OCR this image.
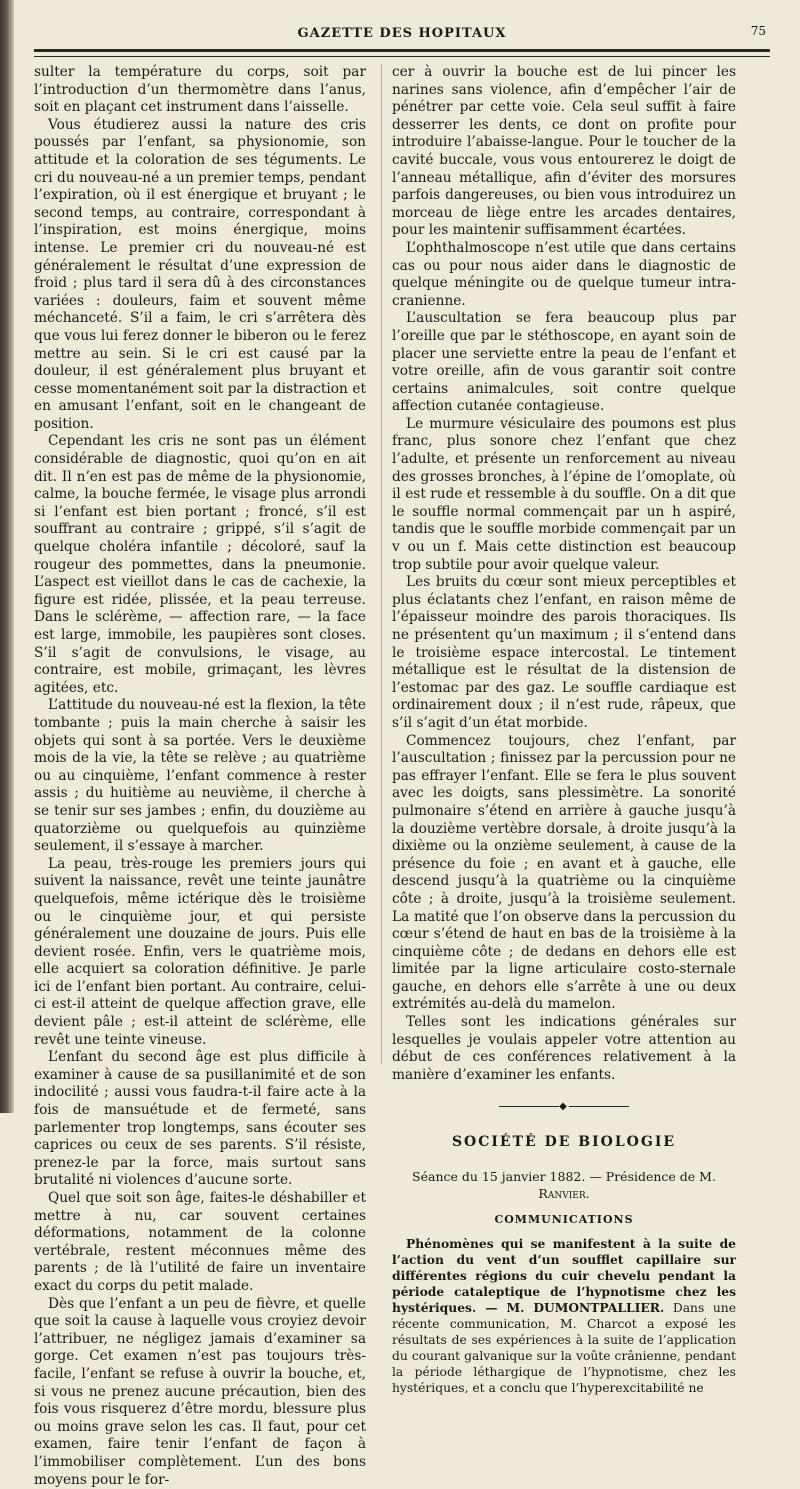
GAZETTE DES HOPITAUX	75

sulter la température du corps, soit par l’introduction d’un thermomètre dans l’anus, soit en plaçant cet instrument dans l’aisselle.

Vous étudierez aussi la nature des cris poussés par l’enfant, sa physionomie, son attitude et la coloration de ses téguments. Le cri du nouveau-né a un premier temps, pendant l’expiration, où il est énergique et bruyant ; le second temps, au contraire, correspondant à l’inspiration, est moins énergique, moins intense. Le premier cri du nouveau-né est généralement le résultat d’une expression de froid ; plus tard il sera dû à des circonstances variées : douleurs, faim et souvent même méchanceté. S’il a faim, le cri s’arrêtera dès que vous lui ferez donner le biberon ou le ferez mettre au sein. Si le cri est causé par la douleur, il est généralement plus bruyant et cesse momentanément soit par la distraction et en amusant l’enfant, soit en le changeant de position.

Cependant les cris ne sont pas un élément considérable de diagnostic, quoi qu’on en ait dit. Il n’en est pas de même de la physionomie, calme, la bouche fermée, le visage plus arrondi si l’enfant est bien portant ; froncé, s’il est souffrant au contraire ; grippé, s’il s’agit de quelque choléra infantile ; décoloré, sauf la rougeur des pommettes, dans la pneumonie. L’aspect est vieillot dans le cas de cachexie, la figure est ridée, plissée, et la peau terreuse. Dans le sclérème, — affection rare, — la face est large, immobile, les paupières sont closes. S’il s’agit de convulsions, le visage, au contraire, est mobile, grimaçant, les lèvres agitées, etc.

L’attitude du nouveau-né est la flexion, la tête tombante ; puis la main cherche à saisir les objets qui sont à sa portée. Vers le deuxième mois de la vie, la tête se relève ; au quatrième ou au cinquième, l’enfant commence à rester assis ; du huitième au neuvième, il cherche à se tenir sur ses jambes ; enfin, du douzième au quatorzième ou quelquefois au quinzième seulement, il s’essaye à marcher.

La peau, très-rouge les premiers jours qui suivent la naissance, revêt une teinte jaunâtre quelquefois, même ictérique dès le troisième ou le cinquième jour, et qui persiste généralement une douzaine de jours. Puis elle devient rosée. Enfin, vers le quatrième mois, elle acquiert sa coloration définitive. Je parle ici de l’enfant bien portant. Au contraire, celui-ci est-il atteint de quelque affection grave, elle devient pâle ; est-il atteint de sclérème, elle revêt une teinte vineuse.

L’enfant du second âge est plus difficile à examiner à cause de sa pusillanimité et de son indocilité ; aussi vous faudra-t-il faire acte à la fois de mansuétude et de fermeté, sans parlementer trop longtemps, sans écouter ses caprices ou ceux de ses parents. S’il résiste, prenez-le par la force, mais surtout sans brutalité ni violences d’aucune sorte.

Quel que soit son âge, faites-le déshabiller et mettre à nu, car souvent certaines déformations, notamment de la colonne vertébrale, restent méconnues même des parents ; de là l’utilité de faire un inventaire exact du corps du petit malade.

Dès que l’enfant a un peu de fièvre, et quelle que soit la cause à laquelle vous croyiez devoir l’attribuer, ne négligez jamais d’examiner sa gorge. Cet examen n’est pas toujours très-facile, l’enfant se refuse à ouvrir la bouche, et, si vous ne prenez aucune précaution, bien des fois vous risquerez d’être mordu, blessure plus ou moins grave selon les cas. Il faut, pour cet examen, faire tenir l’enfant de façon à l’immobiliser complètement. L’un des bons moyens pour le for-

cer à ouvrir la bouche est de lui pincer les narines sans violence, afin d’empêcher l’air de pénétrer par cette voie. Cela seul suffit à faire desserrer les dents, ce dont on profite pour introduire l’abaisse-langue. Pour le toucher de la cavité buccale, vous vous entourerez le doigt de l’anneau métallique, afin d’éviter des morsures parfois dangereuses, ou bien vous introduirez un morceau de liège entre les arcades dentaires, pour les maintenir suffisamment écartées.

L’ophthalmoscope n’est utile que dans certains cas ou pour nous aider dans le diagnostic de quelque méningite ou de quelque tumeur intra-cranienne.

L’auscultation se fera beaucoup plus par l’oreille que par le stéthoscope, en ayant soin de placer une serviette entre la peau de l’enfant et votre oreille, afin de vous garantir soit contre certains animalcules, soit contre quelque affection cutanée contagieuse.

Le murmure vésiculaire des poumons est plus franc, plus sonore chez l’enfant que chez l’adulte, et présente un renforcement au niveau des grosses bronches, à l’épine de l’omoplate, où il est rude et ressemble à du souffle. On a dit que le souffle normal commençait par un h aspiré, tandis que le souffle morbide commençait par un v ou un f. Mais cette distinction est beaucoup trop subtile pour avoir quelque valeur.

Les bruits du cœur sont mieux perceptibles et plus éclatants chez l’enfant, en raison même de l’épaisseur moindre des parois thoraciques. Ils ne présentent qu’un maximum ; il s’entend dans le troisième espace intercostal. Le tintement métallique est le résultat de la distension de l’estomac par des gaz. Le souffle cardiaque est ordinairement doux ; il n’est rude, râpeux, que s’il s’agit d’un état morbide.

Commencez toujours, chez l’enfant, par l’auscultation ; finissez par la percussion pour ne pas effrayer l’enfant. Elle se fera le plus souvent avec les doigts, sans plessimètre. La sonorité pulmonaire s’étend en arrière à gauche jusqu’à la douzième vertèbre dorsale, à droite jusqu’à la dixième ou la onzième seulement, à cause de la présence du foie ; en avant et à gauche, elle descend jusqu’à la quatrième ou la cinquième côte ; à droite, jusqu’à la troisième seulement. La matité que l’on observe dans la percussion du cœur s’étend de haut en bas de la troisième à la cinquième côte ; de dedans en dehors elle est limitée par la ligne articulaire costo-sternale gauche, en dehors elle s’arrête à une ou deux extrémités au-delà du mamelon.

Telles sont les indications générales sur lesquelles je voulais appeler votre attention au début de ces conférences relativement à la manière d’examiner les enfants.

◆
SOCIÉTÉ DE BIOLOGIE
Séance du 15 janvier 1882. — Présidence de M. Ranvier.
COMMUNICATIONS

Phénomènes qui se manifestent à la suite de l’action du vent d’un soufflet capillaire sur différentes régions du cuir chevelu pendant la période cataleptique de l’hypnotisme chez les hystériques. — M. DUMONTPALLIER. Dans une récente communication, M. Charcot a exposé les résultats de ses expériences à la suite de l’application du courant galvanique sur la voûte crânienne, pendant la période léthargique de l’hypnotisme, chez les hystériques, et a conclu que l’hyperexcitabilité ne
